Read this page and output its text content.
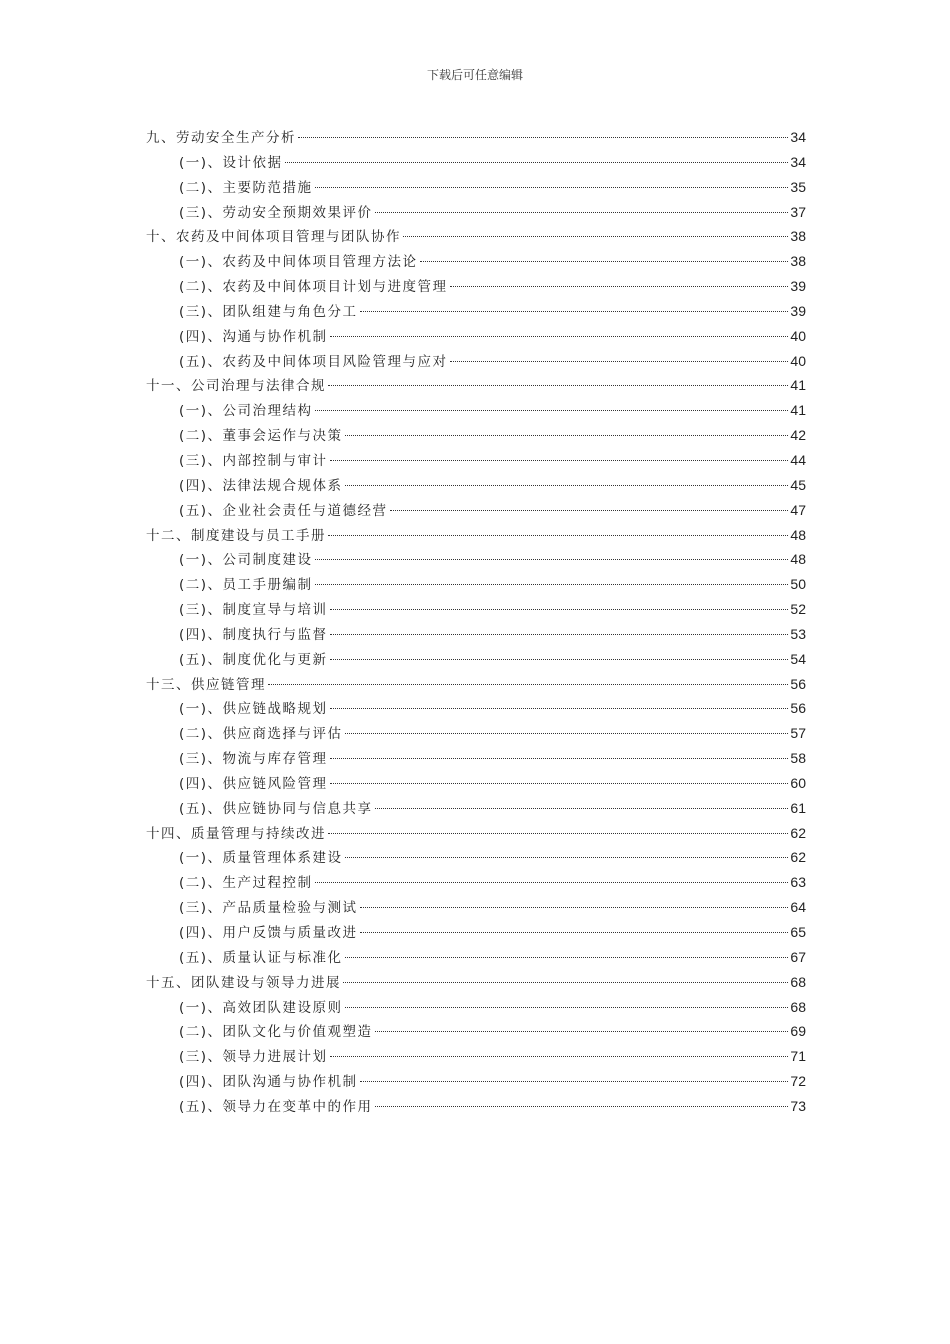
下载后可任意编辑
九、劳动安全生产分析	34
(一)、设计依据	34
(二)、主要防范措施	35
(三)、劳动安全预期效果评价	37
十、农药及中间体项目管理与团队协作	38
(一)、农药及中间体项目管理方法论	38
(二)、农药及中间体项目计划与进度管理	39
(三)、团队组建与角色分工	39
(四)、沟通与协作机制	40
(五)、农药及中间体项目风险管理与应对	40
十一、公司治理与法律合规	41
(一)、公司治理结构	41
(二)、董事会运作与决策	42
(三)、内部控制与审计	44
(四)、法律法规合规体系	45
(五)、企业社会责任与道德经营	47
十二、制度建设与员工手册	48
(一)、公司制度建设	48
(二)、员工手册编制	50
(三)、制度宣导与培训	52
(四)、制度执行与监督	53
(五)、制度优化与更新	54
十三、供应链管理	56
(一)、供应链战略规划	56
(二)、供应商选择与评估	57
(三)、物流与库存管理	58
(四)、供应链风险管理	60
(五)、供应链协同与信息共享	61
十四、质量管理与持续改进	62
(一)、质量管理体系建设	62
(二)、生产过程控制	63
(三)、产品质量检验与测试	64
(四)、用户反馈与质量改进	65
(五)、质量认证与标准化	67
十五、团队建设与领导力进展	68
(一)、高效团队建设原则	68
(二)、团队文化与价值观塑造	69
(三)、领导力进展计划	71
(四)、团队沟通与协作机制	72
(五)、领导力在变革中的作用	73
